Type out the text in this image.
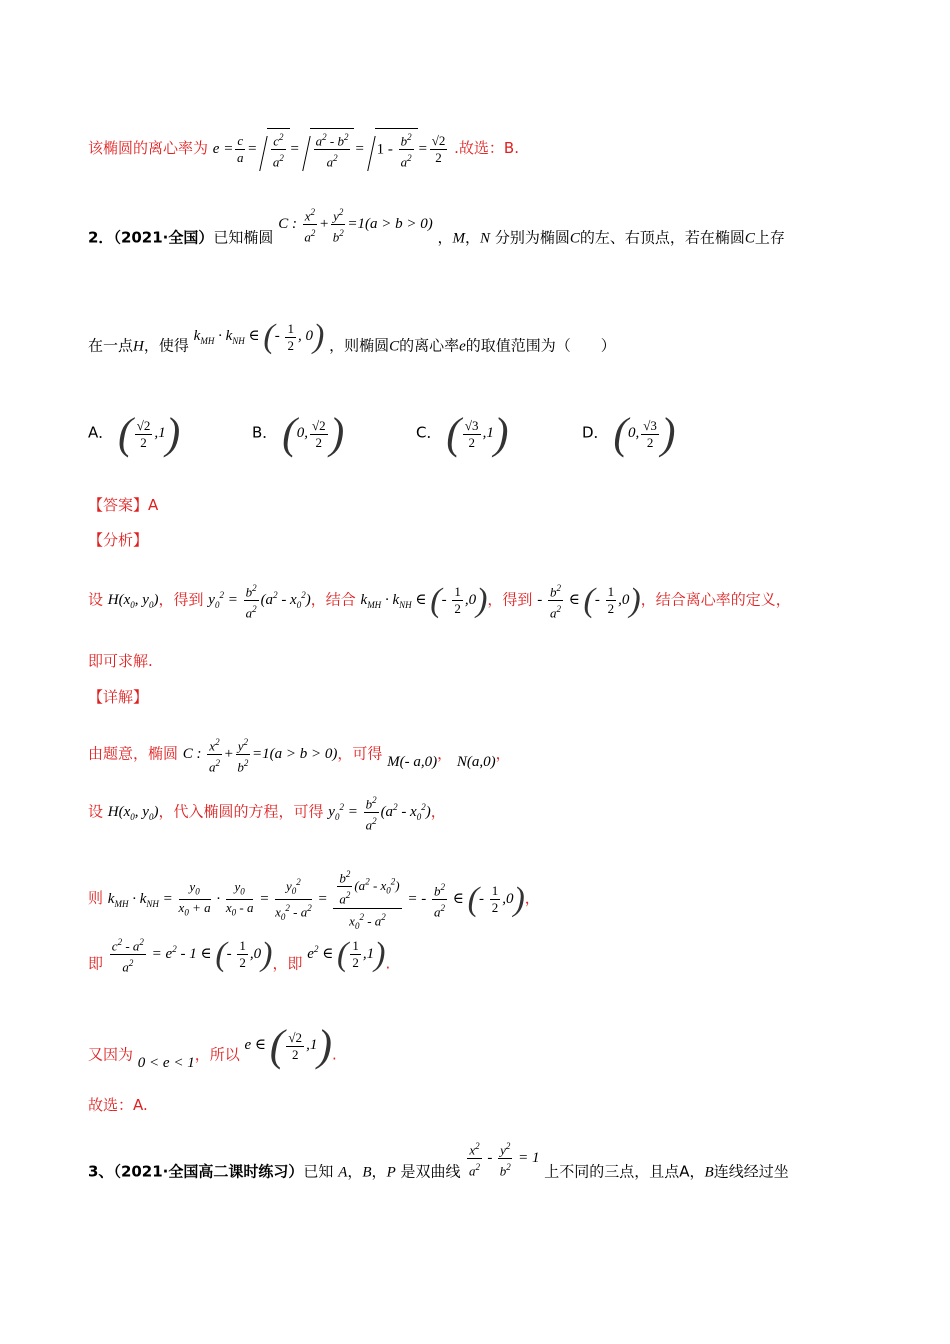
该椭圆的离心率为 $e = \frac{c}{a} = \frac{c^2}{a^2} = \frac{a^2 - b^2}{a^2} = 1 - \frac{b^2}{a^2} = \frac{√2}{2}$ .故选：B.
2．（2021·全国）已知椭圆 C : $\frac{x^2}{a^2} + \frac{y^2}{b^2} =1(a > b > 0)$ ，M，N 分别为椭圆C的左、右顶点，若在椭圆C上存
在一点H，使得 $k_{MH} \cdot k_{NH}$ ∈ (- $\frac{1}{2}$ , 0) ，则椭圆C的离心率e的取值范围为（　　）
A． ( $\frac{√2}{2} ,1$)	B． (0, $\frac{√2}{2}$ )	C． ( $\frac{√3}{2} ,1$)	D． (0, $\frac{√3}{2}$ )
【答案】A
【分析】
设 $H(x_0$, $y_0$)，得到 $y_0^2 = \frac{b^2}{a^2} (a^2 - x_0^2)$，结合 $k_{MH} \cdot k_{NH}$ ∈ (- $\frac{1}{2} ,0$)，得到 - $\frac{b^2}{a^2}$ ∈ (- $\frac{1}{2} ,0$)，结合离心率的定义，
即可求解.
【详解】
由题意，椭圆 C : $\frac{x^2}{a^2} + \frac{y^2}{b^2} =1(a > b > 0)$，可得 M(- a,0)， N(a,0)，
设 $H(x_0$, $y_0$)，代入椭圆的方程，可得 $y_0^2 = \frac{b^2}{a^2} (a^2 - x_0^2)$，
则 $k_{MH} \cdot k_{NH} = \frac{y_0}{x_0 + a} \cdot \frac{y_0}{x_0 - a} = \frac{y_0^2}{x_0^2 - a^2} = \frac{\frac{b^2}{a^2} (a^2 - x_0^2)}{x_0^2 - a^2}$ = - $\frac{b^2}{a^2}$ ∈ (- $\frac{1}{2} ,0$)，
即 $\frac{c^2 - a^2}{a^2} = e^2 - 1$ ∈ (- $\frac{1}{2} ,0$)，即 $e^2$ ∈ ( $\frac{1}{2} ,1$).
又因为 0 < e < 1，所以 e ∈ ( $\frac{√2}{2} ,1$).
故选：A.
3、（2021·全国高二课时练习）已知 A，B，P 是双曲线 $\frac{x^2}{a^2} - \frac{y^2}{b^2} = 1$ 上不同的三点，且点A，B连线经过坐
